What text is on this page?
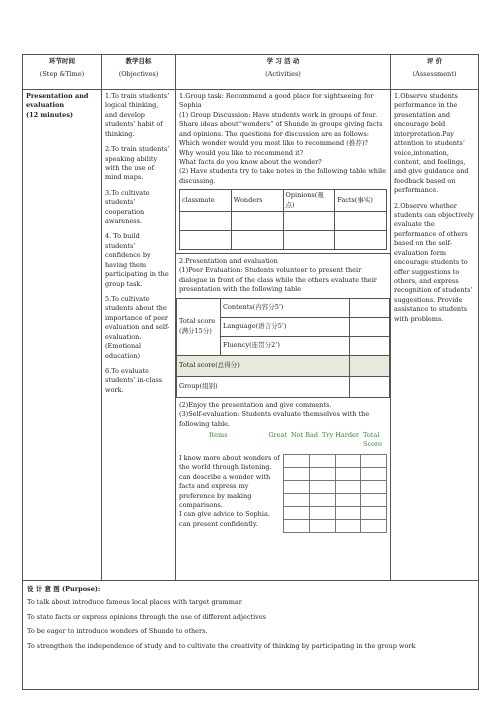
环节时间
(Step &Time)
	教学目标
(Objectives)
	学 习 活 动
(Activities)
	评 价
(Assessment)

Presentation and evaluation
(12 minutes)

1.To train students’ logical thinking, and develop students’ habit of thinking.
2.To train students’ speaking ability with the use of mind maps.
3.To cultivate students’ cooperation awareness.
4. To build students’ confidence by having them participating in the group task.
5.To cultivate students about the importance of peer evaluation and self-evaluation. (Emotional education)
6.To evaluate students’ in-class work.

1.Group task: Recommend a good place for sightseeing for Sophia
(1) Group Discussion: Have students work in groups of four. Share ideas about“wonders” of Shunde in groups giving facts and opinions. The questions for discussion are as follows:
Which wonder would you most like to recommend (推荐)?
Why would you like to recommend it?
What facts do you know about the wonder?
(2) Have students try to take notes in the following table while discussing.
classmate	Wonders	Opinions(观点)	Facts(事实)

2.Presentation and evaluation
(1)Peer Evaluation: Students volunteer to present their dialogue in front of the class while the others evaluate their presentation with the following table
Total score (满分15分)	Contents(内容分5’)	
Language(语言分5’)	
Fluency(连贯分2’)	
Total score(总得分)	
Group(组别)	
(2)Enjoy the presentation and give comments.
(3)Self-evaluation: Students evaluate themselves with the following table.
Items	Great Not Bad Try Harder Total Score
I know more about wonders of the world through listening.
can describe a wonder with facts and express my preference by making comparisons.
I can give advice to Sophia.
can present confidently.

1.Observe students performance in the presentation and encourage bold interpretation.Pay attention to students’ voice,intonation, content, and feelings, and give guidance and feedback based on performance.
2.Observe whether students can objectively evaluate the performance of others based on the self-evaluation form encourage students to offer suggestions to others, and express recognition of students’ suggestions. Provide assistance to students with problems.

设 计 意 图 (Purpose):
To talk about introduce famous local places with target grammar
To state facts or express opinions through the use of different adjectives
To be eager to introduce wonders of Shunde to others.
To strengthen the independence of study and to cultivate the creativity of thinking by participating in the group work
